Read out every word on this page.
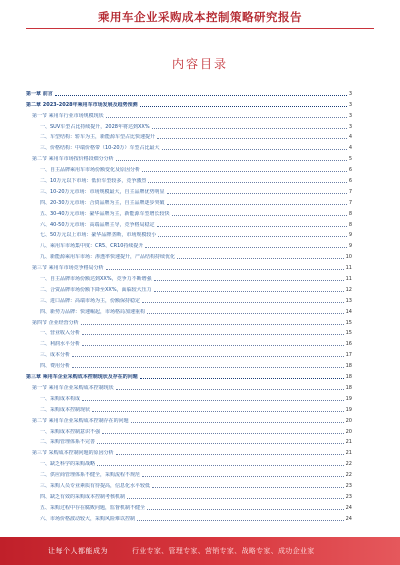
乘用车企业采购成本控制策略研究报告
内容目录
第一章 前言	3
第二章 2023-2028年乘用车市场发展及趋势预测	3
第一节 乘用车行业市场规模现状	3
一、SUV车型占比持续提升，2028年将达到XX%	3
二、车型结构：轿车为主，新能源车型占比快速提升	4
三、价格结构：中端价格带（10-20万）车型占比最大	4
第二节 乘用车市场按价格段细分分析	5
一、自主品牌乘用车市场份额变化及原因分析	6
二、10万元以下市场：低价车型较多，竞争激烈	6
三、10-20万元市场：市场规模最大，自主品牌优势明显	7
四、20-30万元市场：合资品牌为主，自主品牌逐步突破	7
五、30-40万元市场：豪华品牌为主，新能源车型增长较快	8
六、40-50万元市场：高端品牌主导，竞争格局稳定	8
七、50万元以上市场：豪华品牌垄断，市场规模较小	9
八、乘用车市场集中度：CR5、CR10持续提升	9
九、新能源乘用车市场：渗透率快速提升，产品结构持续优化	10
第三节 乘用车市场竞争格局分析	11
一、自主品牌市场份额达到XX%，竞争力不断增强	11
二、合资品牌市场份额下降至XX%，面临较大压力	12
三、进口品牌：高端市场为主，份额保持稳定	13
四、新势力品牌：快速崛起，市场格局加速重构	14
第四节 企业经营分析	15
一、营业收入分析	15
二、利润水平分析	16
三、成本分析	17
四、费用分析	18
第三章 乘用车企业采购成本控制现状及存在的问题	18
第一节 乘用车企业采购成本控制现状	18
一、采购成本构成	19
二、采购成本控制现状	19
第二节 乘用车企业采购成本控制存在的问题	20
一、采购成本控制意识不强	20
二、采购管理体系不完善	21
第三节 采购成本控制问题的原因分析	21
一、缺乏科学的采购战略	22
二、供应商管理体系不健全，采购流程不规范	22
三、采购人员专业素质有待提高，信息化水平较低	23
四、缺乏有效的采购成本控制考核机制	23
五、采购过程中存在腐败问题，监督机制不健全	24
六、市场价格波动较大，采购风险难以控制	24
让每个人都能成为	行业专家、管理专家、营销专家、战略专家、成功企业家
